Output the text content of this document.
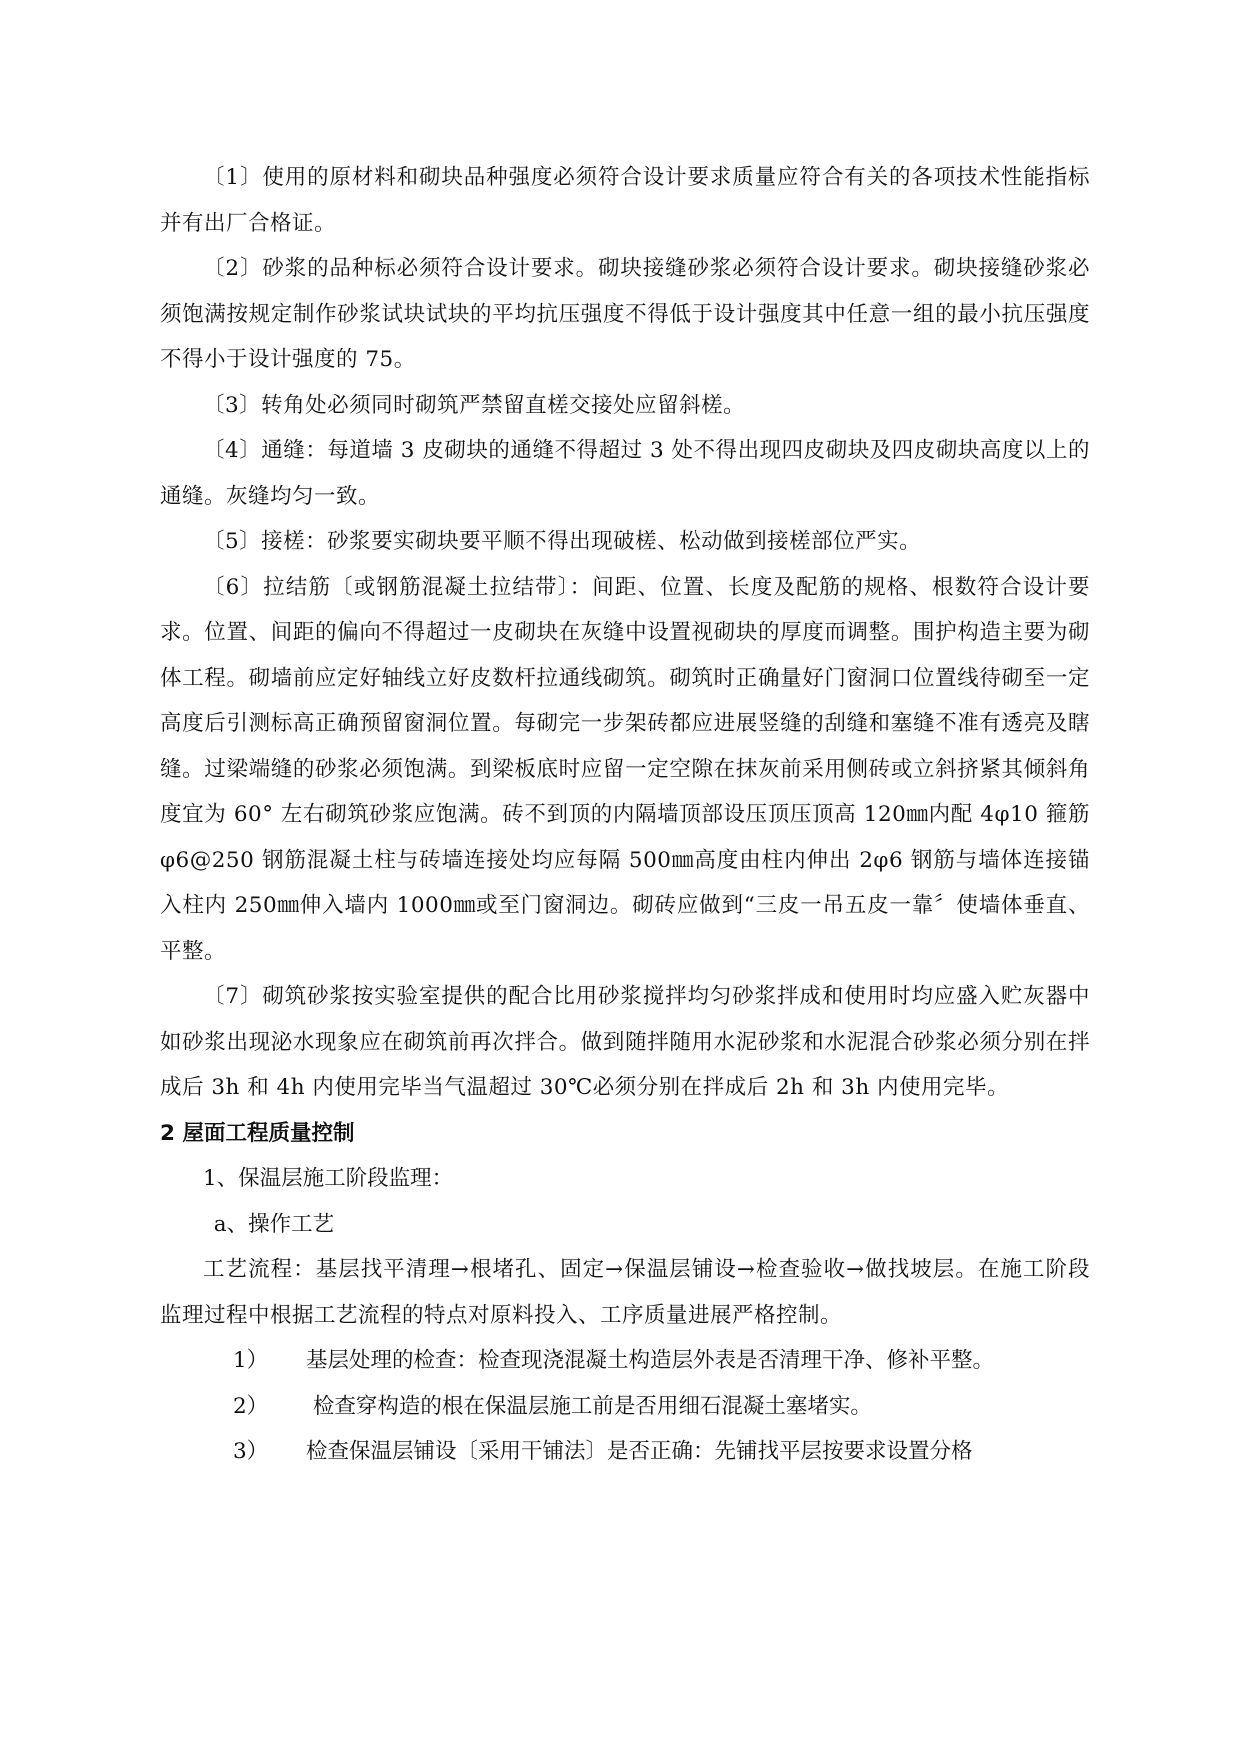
〔1〕使用的原材料和砌块品种强度必须符合设计要求质量应符合有关的各项技术性能指标并有出厂合格证。

〔2〕砂浆的品种标必须符合设计要求。砌块接缝砂浆必须符合设计要求。砌块接缝砂浆必须饱满按规定制作砂浆试块试块的平均抗压强度不得低于设计强度其中任意一组的最小抗压强度不得小于设计强度的 75。

〔3〕转角处必须同时砌筑严禁留直槎交接处应留斜槎。

〔4〕通缝：每道墙 3 皮砌块的通缝不得超过 3 处不得出现四皮砌块及四皮砌块高度以上的通缝。灰缝均匀一致。

〔5〕接槎：砂浆要实砌块要平顺不得出现破槎、松动做到接槎部位严实。

〔6〕拉结筋〔或钢筋混凝土拉结带〕：间距、位置、长度及配筋的规格、根数符合设计要求。位置、间距的偏向不得超过一皮砌块在灰缝中设置视砌块的厚度而调整。围护构造主要为砌体工程。砌墙前应定好轴线立好皮数杆拉通线砌筑。砌筑时正确量好门窗洞口位置线待砌至一定高度后引测标高正确预留窗洞位置。每砌完一步架砖都应进展竖缝的刮缝和塞缝不准有透亮及瞎缝。过梁端缝的砂浆必须饱满。到梁板底时应留一定空隙在抹灰前采用侧砖或立斜挤紧其倾斜角度宜为 60° 左右砌筑砂浆应饱满。砖不到顶的内隔墙顶部设压顶压顶高 120㎜内配 4φ10 箍筋φ6@250 钢筋混凝土柱与砖墙连接处均应每隔 500㎜高度由柱内伸出 2φ6 钢筋与墙体连接锚入柱内 250㎜伸入墙内 1000㎜或至门窗洞边。砌砖应做到“三皮一吊五皮一靠〞使墙体垂直、平整。

〔7〕砌筑砂浆按实验室提供的配合比用砂浆搅拌均匀砂浆拌成和使用时均应盛入贮灰器中如砂浆出现泌水现象应在砌筑前再次拌合。做到随拌随用水泥砂浆和水泥混合砂浆必须分别在拌成后 3h 和 4h 内使用完毕当气温超过 30℃必须分别在拌成后 2h 和 3h 内使用完毕。

2 屋面工程质量控制

1、保温层施工阶段监理：

a、操作工艺

工艺流程：基层找平清理→根堵孔、固定→保温层铺设→检查验收→做找坡层。在施工阶段监理过程中根据工艺流程的特点对原料投入、工序质量进展严格控制。

1） 基层处理的检查：检查现浇混凝土构造层外表是否清理干净、修补平整。

2） 检查穿构造的根在保温层施工前是否用细石混凝土塞堵实。

3） 检查保温层铺设〔采用干铺法〕是否正确：先铺找平层按要求设置分格
